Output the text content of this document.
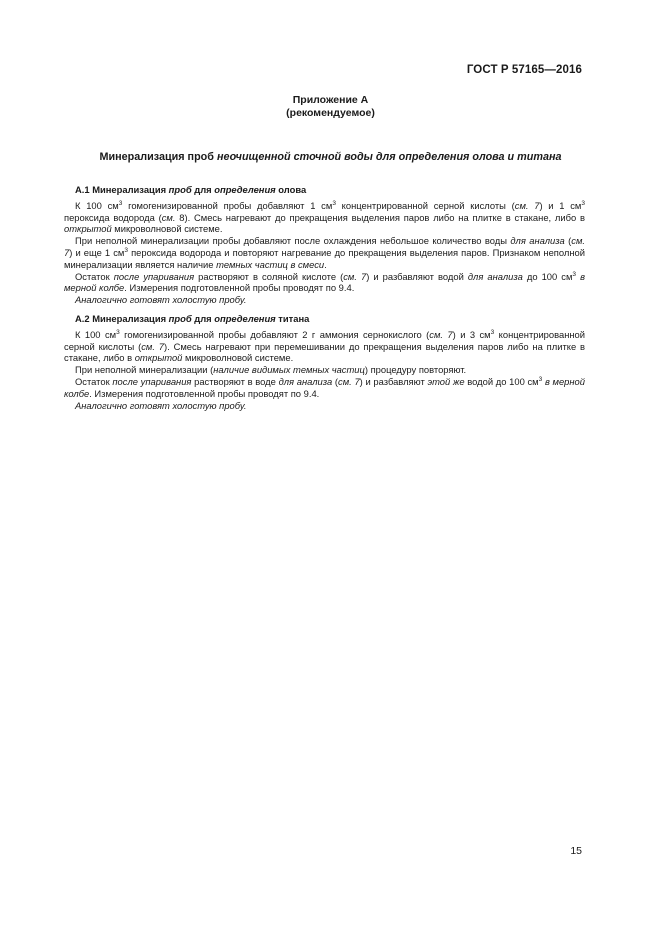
ГОСТ Р 57165—2016
Приложение А
(рекомендуемое)
Минерализация проб неочищенной сточной воды для определения олова и титана

А.1 Минерализация проб для определения олова

К 100 $см^3$ гомогенизированной пробы добавляют 1 $см^3$ концентрированной серной кислоты (см. 7) и 1 $см^3$ пероксида водорода (см. 8). Смесь нагревают до прекращения выделения паров либо на плитке в стакане, либо в открытой микроволновой системе.

При неполной минерализации пробы добавляют после охлаждения небольшое количество воды для анализа (см. 7) и еще 1 $см^3$ пероксида водорода и повторяют нагревание до прекращения выделения паров. Признаком неполной минерализации является наличие темных частиц в смеси.

Остаток после упаривания растворяют в соляной кислоте (см. 7) и разбавляют водой для анализа до 100 $см^3$ в мерной колбе. Измерения подготовленной пробы проводят по 9.4.

Аналогично готовят холостую пробу.

А.2 Минерализация проб для определения титана

К 100 $см^3$ гомогенизированной пробы добавляют 2 г аммония сернокислого (см. 7) и 3 $см^3$ концентрированной серной кислоты (см. 7). Смесь нагревают при перемешивании до прекращения выделения паров либо на плитке в стакане, либо в открытой микроволновой системе.

При неполной минерализации (наличие видимых темных частиц) процедуру повторяют.

Остаток после упаривания растворяют в воде для анализа (см. 7) и разбавляют этой же водой до 100 $см^3$ в мерной колбе. Измерения подготовленной пробы проводят по 9.4.

Аналогично готовят холостую пробу.

15
